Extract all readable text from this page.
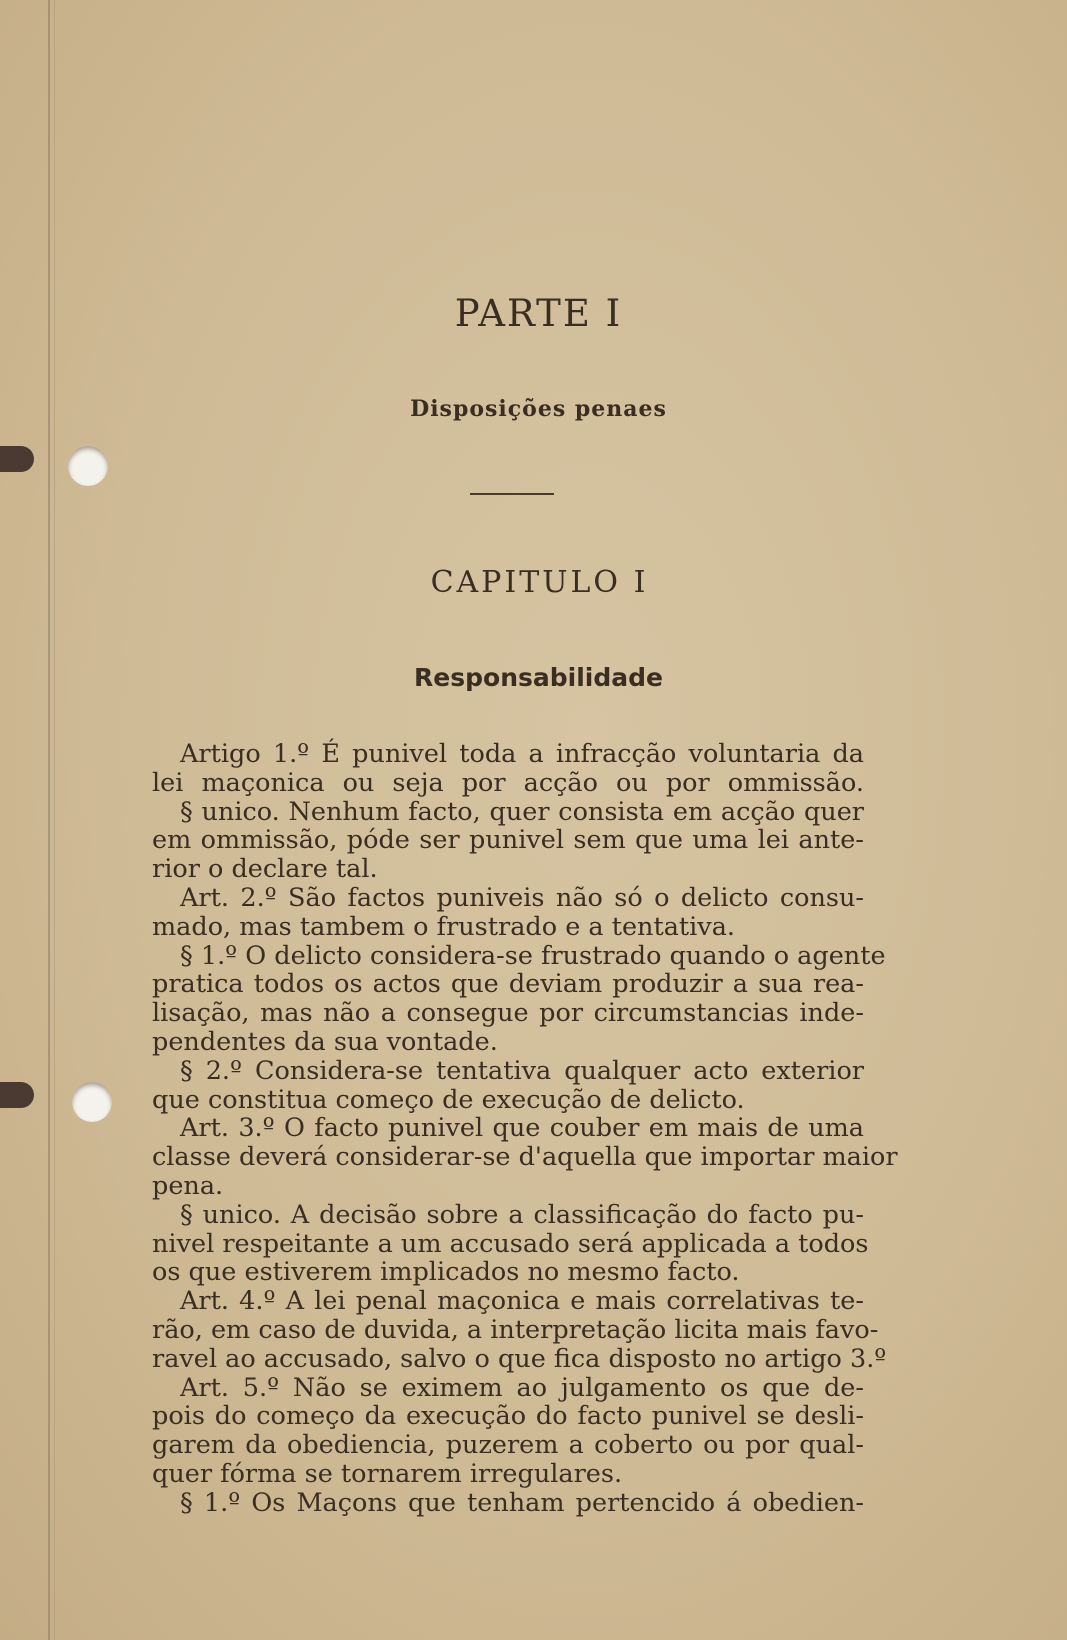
PARTE I
Disposições penaes
CAPITULO I
Responsabilidade
Artigo 1.º É punivel toda a infracção voluntaria da
lei maçonica ou seja por acção ou por ommissão.
§ unico. Nenhum facto, quer consista em acção quer
em ommissão, póde ser punivel sem que uma lei ante-
rior o declare tal.
Art. 2.º São factos puniveis não só o delicto consu-
mado, mas tambem o frustrado e a tentativa.
§ 1.º O delicto considera-se frustrado quando o agente
pratica todos os actos que deviam produzir a sua rea-
lisação, mas não a consegue por circumstancias inde-
pendentes da sua vontade.
§ 2.º Considera-se tentativa qualquer acto exterior
que constitua começo de execução de delicto.
Art. 3.º O facto punivel que couber em mais de uma
classe deverá considerar-se d'aquella que importar maior
pena.
§ unico. A decisão sobre a classificação do facto pu-
nivel respeitante a um accusado será applicada a todos
os que estiverem implicados no mesmo facto.
Art. 4.º A lei penal maçonica e mais correlativas te-
rão, em caso de duvida, a interpretação licita mais favo-
ravel ao accusado, salvo o que fica disposto no artigo 3.º
Art. 5.º Não se eximem ao julgamento os que de-
pois do começo da execução do facto punivel se desli-
garem da obediencia, puzerem a coberto ou por qual-
quer fórma se tornarem irregulares.
§ 1.º Os Maçons que tenham pertencido á obedien-
